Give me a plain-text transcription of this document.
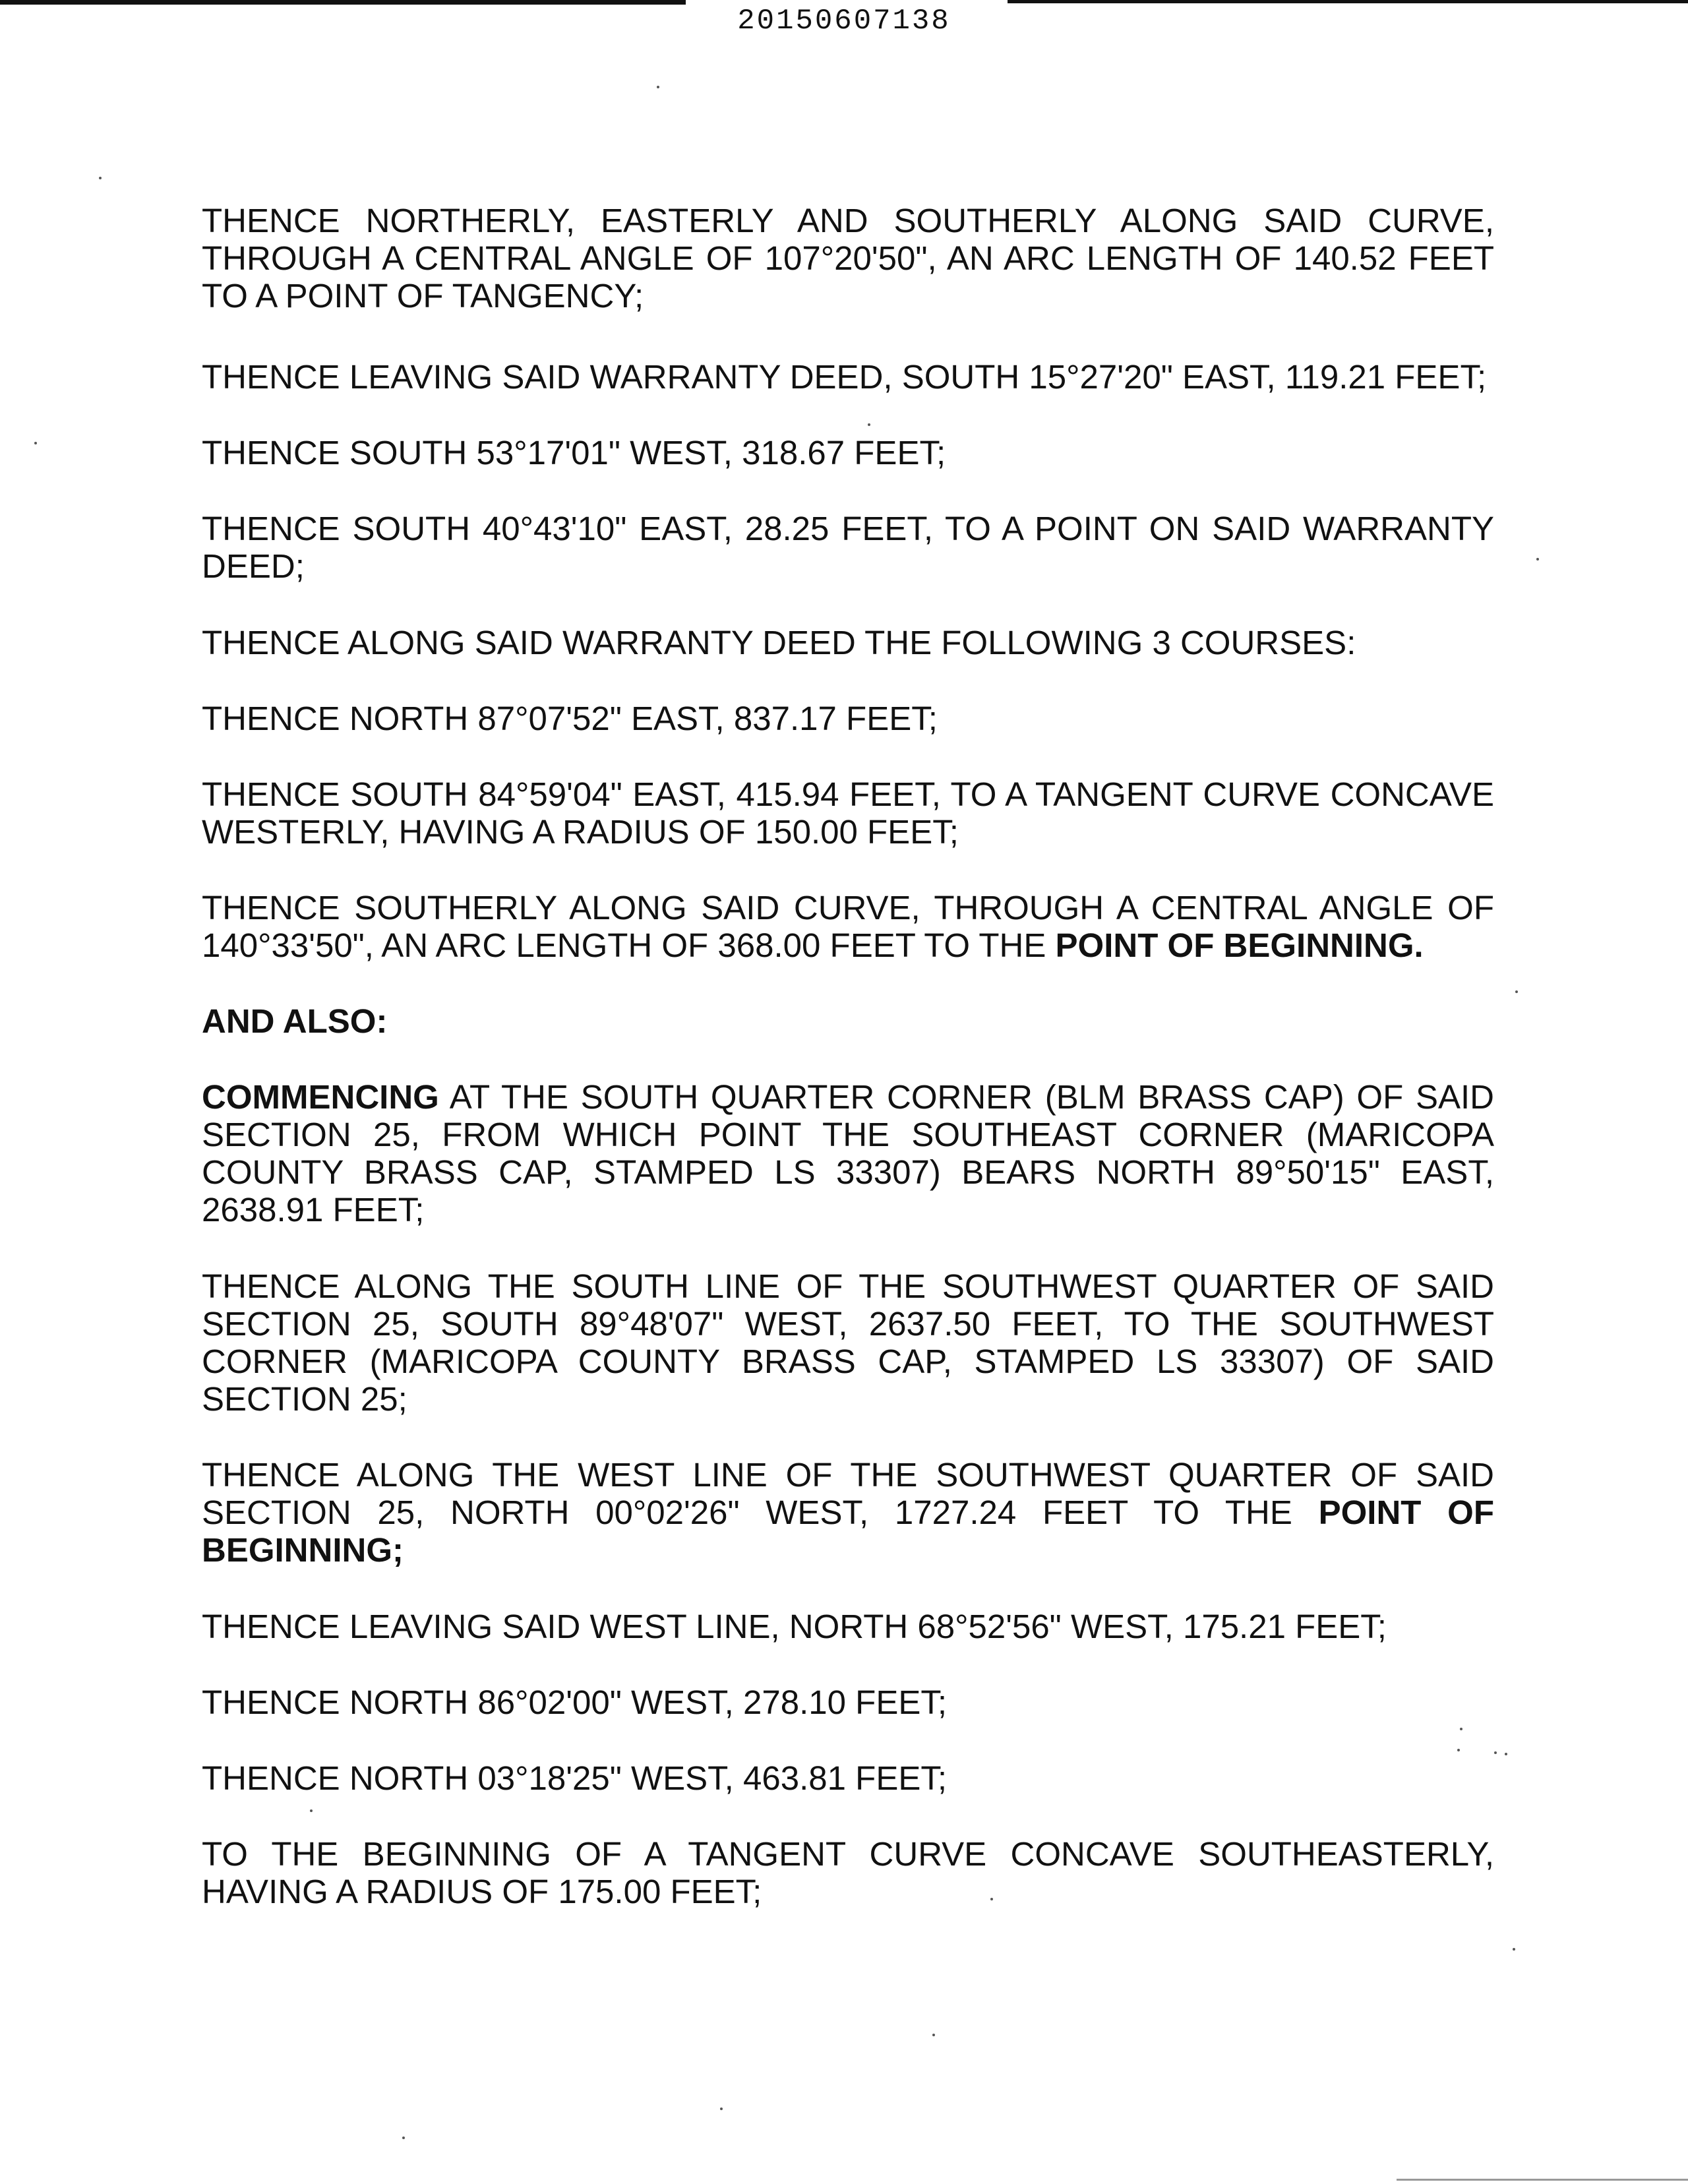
20150607138

THENCE NORTHERLY, EASTERLY AND SOUTHERLY ALONG SAID CURVE, THROUGH A CENTRAL ANGLE OF 107°20'50", AN ARC LENGTH OF 140.52 FEET TO A POINT OF TANGENCY;

THENCE LEAVING SAID WARRANTY DEED, SOUTH 15°27'20" EAST, 119.21 FEET;

THENCE SOUTH 53°17'01" WEST, 318.67 FEET;

THENCE SOUTH 40°43'10" EAST, 28.25 FEET, TO A POINT ON SAID WARRANTY DEED;

THENCE ALONG SAID WARRANTY DEED THE FOLLOWING 3 COURSES:

THENCE NORTH 87°07'52" EAST, 837.17 FEET;

THENCE SOUTH 84°59'04" EAST, 415.94 FEET, TO A TANGENT CURVE CONCAVE WESTERLY, HAVING A RADIUS OF 150.00 FEET;

THENCE SOUTHERLY ALONG SAID CURVE, THROUGH A CENTRAL ANGLE OF 140°33'50", AN ARC LENGTH OF 368.00 FEET TO THE POINT OF BEGINNING.

AND ALSO:

COMMENCING AT THE SOUTH QUARTER CORNER (BLM BRASS CAP) OF SAID SECTION 25, FROM WHICH POINT THE SOUTHEAST CORNER (MARICOPA COUNTY BRASS CAP, STAMPED LS 33307) BEARS NORTH 89°50'15" EAST, 2638.91 FEET;

THENCE ALONG THE SOUTH LINE OF THE SOUTHWEST QUARTER OF SAID SECTION 25, SOUTH 89°48'07" WEST, 2637.50 FEET, TO THE SOUTHWEST CORNER (MARICOPA COUNTY BRASS CAP, STAMPED LS 33307) OF SAID SECTION 25;

THENCE ALONG THE WEST LINE OF THE SOUTHWEST QUARTER OF SAID SECTION 25, NORTH 00°02'26" WEST, 1727.24 FEET TO THE POINT OF BEGINNING;

THENCE LEAVING SAID WEST LINE, NORTH 68°52'56" WEST, 175.21 FEET;

THENCE NORTH 86°02'00" WEST, 278.10 FEET;

THENCE NORTH 03°18'25" WEST, 463.81 FEET;

TO THE BEGINNING OF A TANGENT CURVE CONCAVE SOUTHEASTERLY, HAVING A RADIUS OF 175.00 FEET;
